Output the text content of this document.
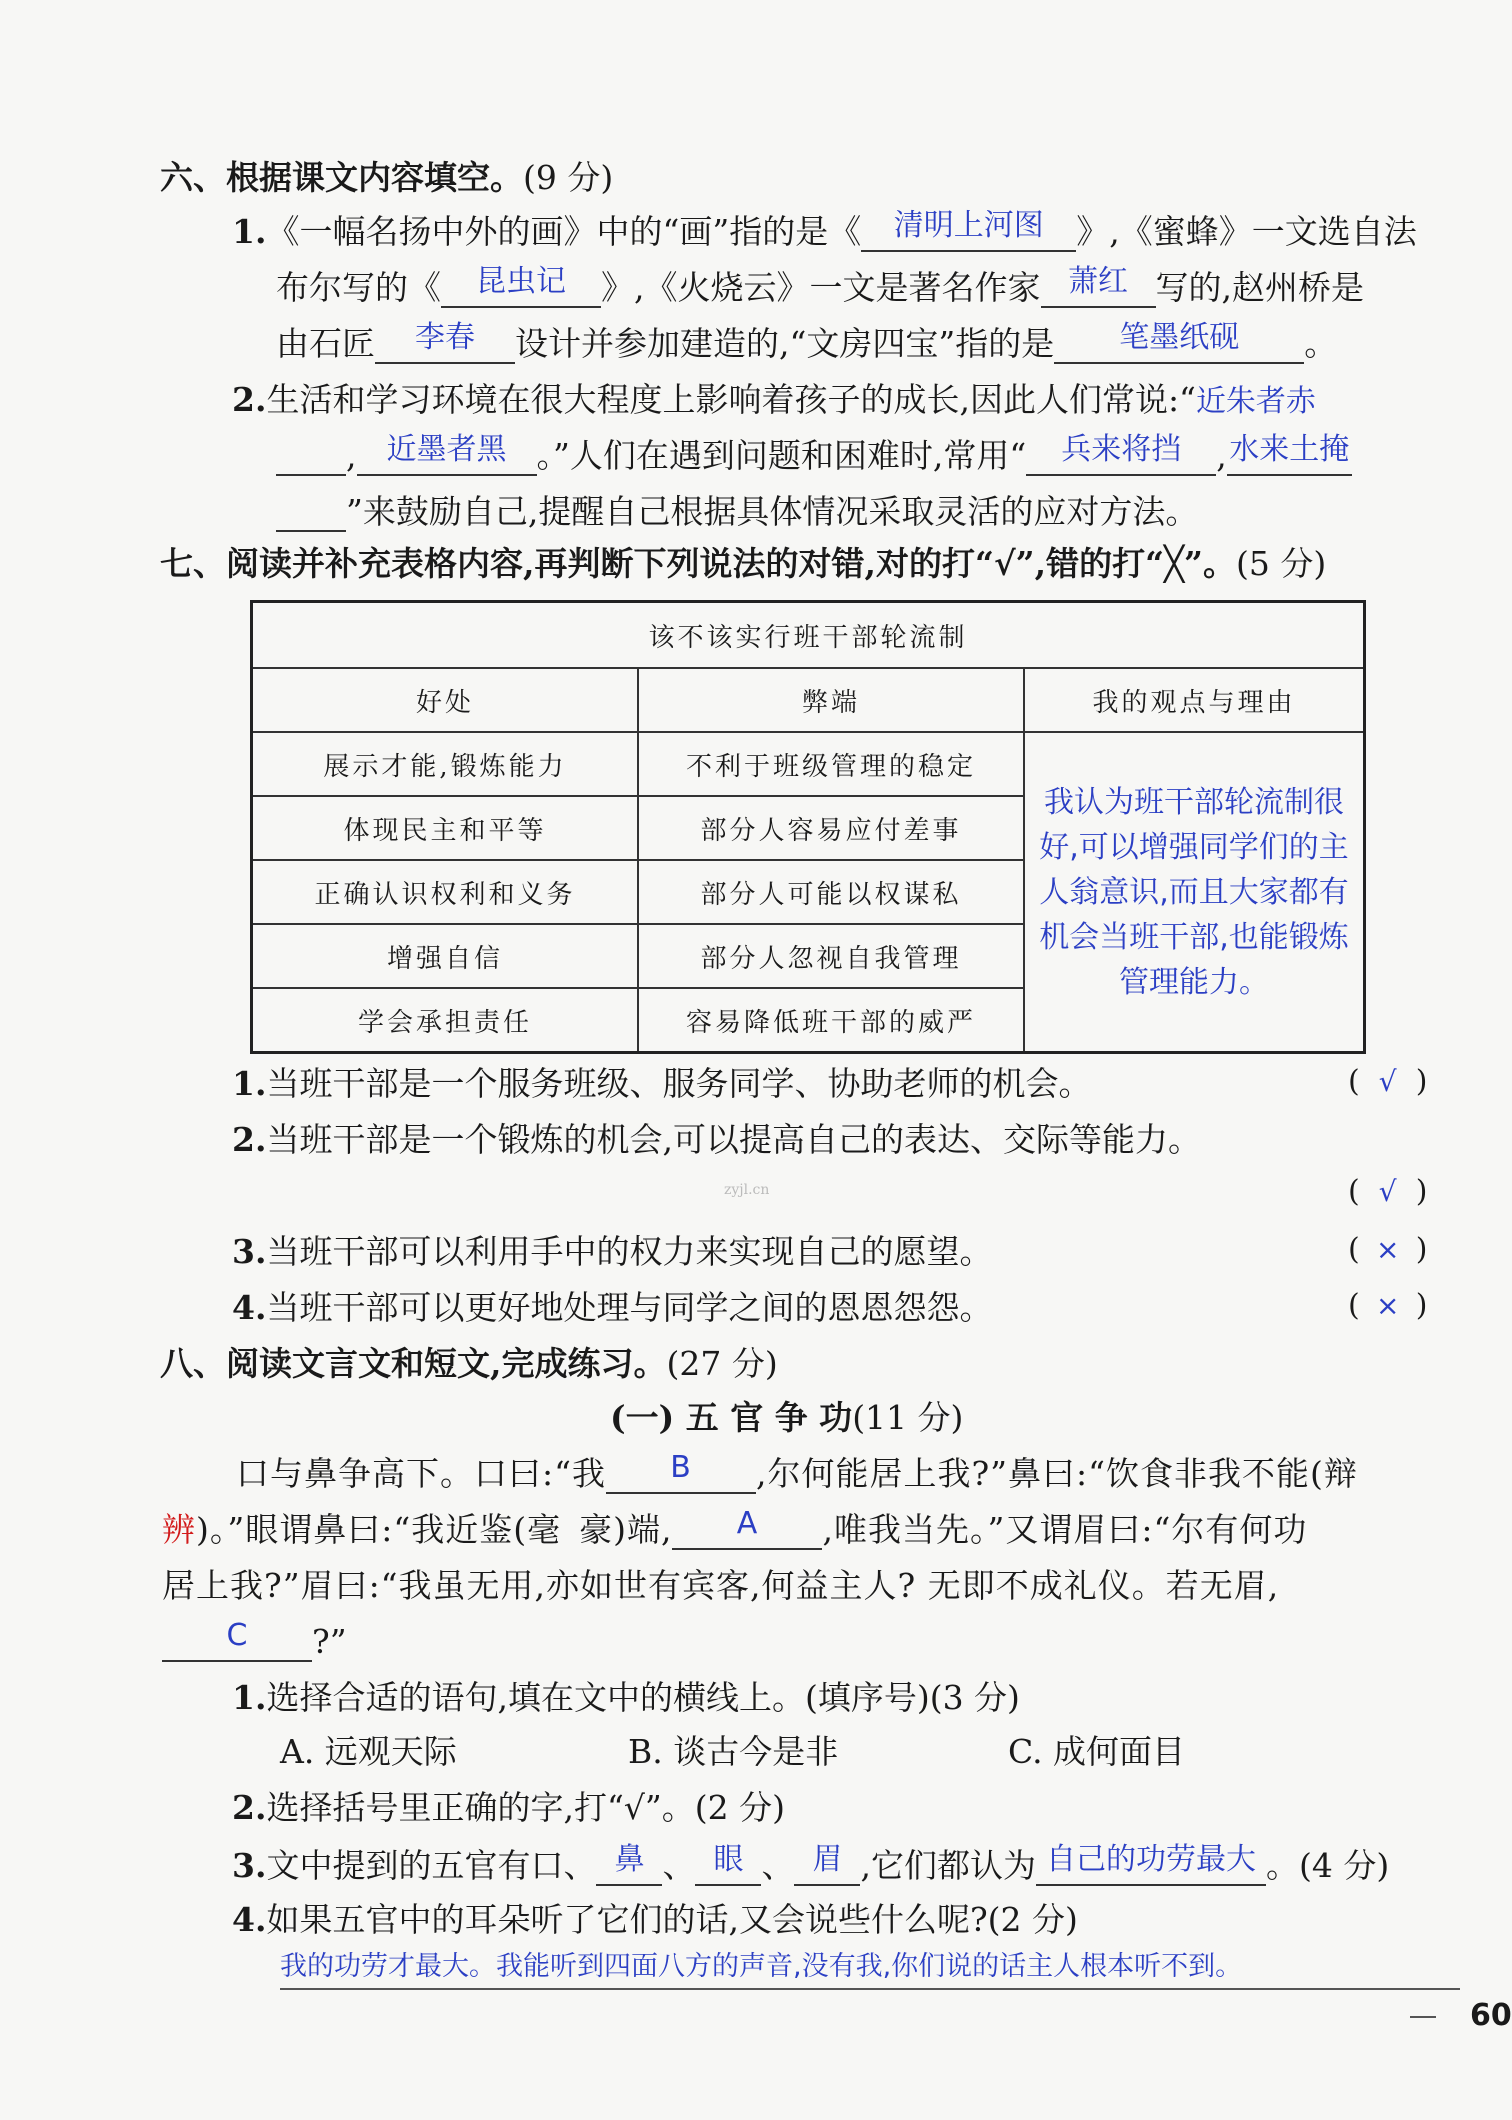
六、根据课文内容填空。(9 分)
1.《一幅名扬中外的画》中的“画”指的是《	清明上河图 》,《蜜蜂》一文选自法
布尔写的《	昆虫记	》,《火烧云》一文是著名作家 萧红 写的,赵州桥是
由石匠	李春	设计并参加建造的,“文房四宝”指的是	笔墨纸砚	。
2.生活和学习环境在很大程度上影响着孩子的成长,因此人们常说:“近朱者赤
,	近墨者黑 。”人们在遇到问题和困难时,常用“	兵来将挡	, 水来土掩
”来鼓励自己,提醒自己根据具体情况采取灵活的应对方法。
七、阅读并补充表格内容,再判断下列说法的对错,对的打“√”,错的打“╳”。(5 分)
该不该实行班干部轮流制		
好处	弊端	我的观点与理由
展示才能,锻炼能力	不利于班级管理的稳定	我认为班干部轮流制很好,可以增强同学们的主人翁意识,而且大家都有机会当班干部,也能锻炼管理能力。
体现民主和平等	部分人容易应付差事	
正确认识权利和义务	部分人可能以权谋私	
增强自信	部分人忽视自我管理	
学会承担责任	容易降低班干部的威严	
1.当班干部是一个服务班级、服务同学、协助老师的机会。	( √ )
2.当班干部是一个锻炼的机会,可以提高自己的表达、交际等能力。
( √ )
zyjl.cn
3.当班干部可以利用手中的权力来实现自己的愿望。	( × )
4.当班干部可以更好地处理与同学之间的恩恩怨怨。	( × )
八、阅读文言文和短文,完成练习。(27 分)
(一) 五 官 争 功(11 分)
口与鼻争高下。口曰:“我	B	,尔何能居上我?”鼻曰:“饮食非我不能(辩
辨)。”眼谓鼻曰:“我近鉴(毫 豪)端,	A	,唯我当先。”又谓眉曰:“尔有何功
居上我?”眉曰:“我虽无用,亦如世有宾客,何益主人? 无即不成礼仪。若无眉,
C	?”
1.选择合适的语句,填在文中的横线上。(填序号)(3 分)
A. 远观天际	B. 谈古今是非	C. 成何面目
2.选择括号里正确的字,打“√”。(2 分)
3.文中提到的五官有口、 鼻 、 眼 、 眉 ,它们都认为 自己的功劳最大 。(4 分)
4.如果五官中的耳朵听了它们的话,又会说些什么呢?(2 分)
我的功劳才最大。我能听到四面八方的声音,没有我,你们说的话主人根本听不到。
60
